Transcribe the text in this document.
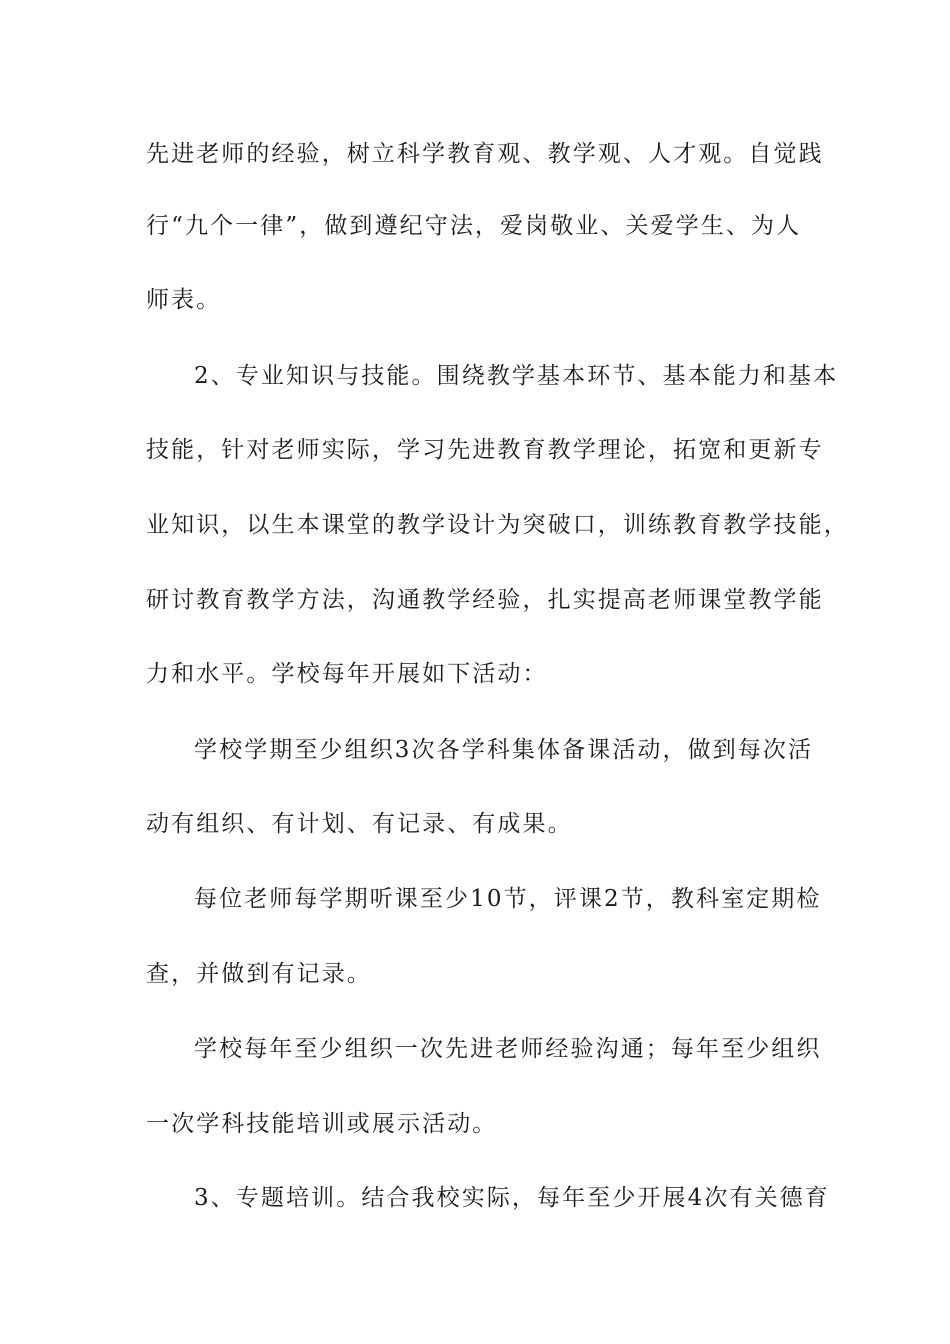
先进老师的经验，树立科学教育观、教学观、人才观。自觉践
行“九个一律”，做到遵纪守法，爱岗敬业、关爱学生、为人
师表。
2、专业知识与技能。围绕教学基本环节、基本能力和基本
技能，针对老师实际，学习先进教育教学理论，拓宽和更新专
业知识，以生本课堂的教学设计为突破口，训练教育教学技能，
研讨教育教学方法，沟通教学经验，扎实提高老师课堂教学能
力和水平。学校每年开展如下活动：
学校学期至少组织3次各学科集体备课活动，做到每次活
动有组织、有计划、有记录、有成果。
每位老师每学期听课至少10节，评课2节，教科室定期检
查，并做到有记录。
学校每年至少组织一次先进老师经验沟通；每年至少组织
一次学科技能培训或展示活动。
3、专题培训。结合我校实际，每年至少开展4次有关德育
